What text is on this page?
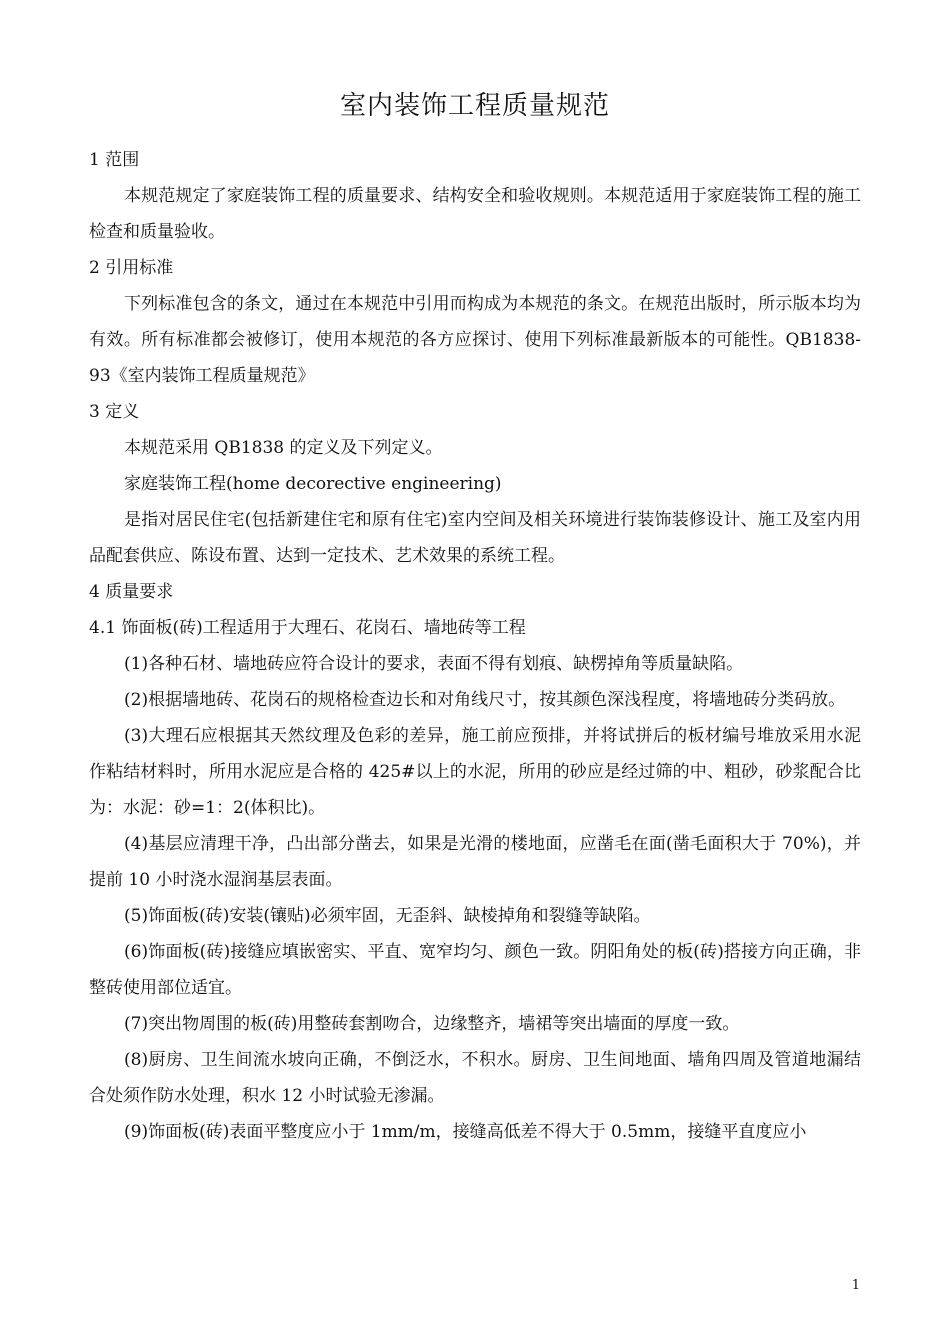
室内装饰工程质量规范

1 范围

本规范规定了家庭装饰工程的质量要求、结构安全和验收规则。本规范适用于家庭装饰工程的施工检查和质量验收。

2 引用标准

下列标准包含的条文，通过在本规范中引用而构成为本规范的条文。在规范出版时，所示版本均为有效。所有标准都会被修订，使用本规范的各方应探讨、使用下列标准最新版本的可能性。QB1838-93《室内装饰工程质量规范》

3 定义

本规范采用 QB1838 的定义及下列定义。

家庭装饰工程(home decorective engineering)

是指对居民住宅(包括新建住宅和原有住宅)室内空间及相关环境进行装饰装修设计、施工及室内用品配套供应、陈设布置、达到一定技术、艺术效果的系统工程。

4 质量要求

4.1 饰面板(砖)工程适用于大理石、花岗石、墙地砖等工程

(1)各种石材、墙地砖应符合设计的要求，表面不得有划痕、缺楞掉角等质量缺陷。

(2)根据墙地砖、花岗石的规格检查边长和对角线尺寸，按其颜色深浅程度，将墙地砖分类码放。

(3)大理石应根据其天然纹理及色彩的差异，施工前应预排，并将试拼后的板材编号堆放采用水泥作粘结材料时，所用水泥应是合格的 425#以上的水泥，所用的砂应是经过筛的中、粗砂，砂浆配合比为：水泥：砂=1：2(体积比)。

(4)基层应清理干净，凸出部分凿去，如果是光滑的楼地面，应凿毛在面(凿毛面积大于 70%)，并提前 10 小时浇水湿润基层表面。

(5)饰面板(砖)安装(镶贴)必须牢固，无歪斜、缺棱掉角和裂缝等缺陷。

(6)饰面板(砖)接缝应填嵌密实、平直、宽窄均匀、颜色一致。阴阳角处的板(砖)搭接方向正确，非整砖使用部位适宜。

(7)突出物周围的板(砖)用整砖套割吻合，边缘整齐，墙裙等突出墙面的厚度一致。

(8)厨房、卫生间流水坡向正确，不倒泛水，不积水。厨房、卫生间地面、墙角四周及管道地漏结合处须作防水处理，积水 12 小时试验无渗漏。

(9)饰面板(砖)表面平整度应小于 1mm/m，接缝高低差不得大于 0.5mm，接缝平直度应小

1
